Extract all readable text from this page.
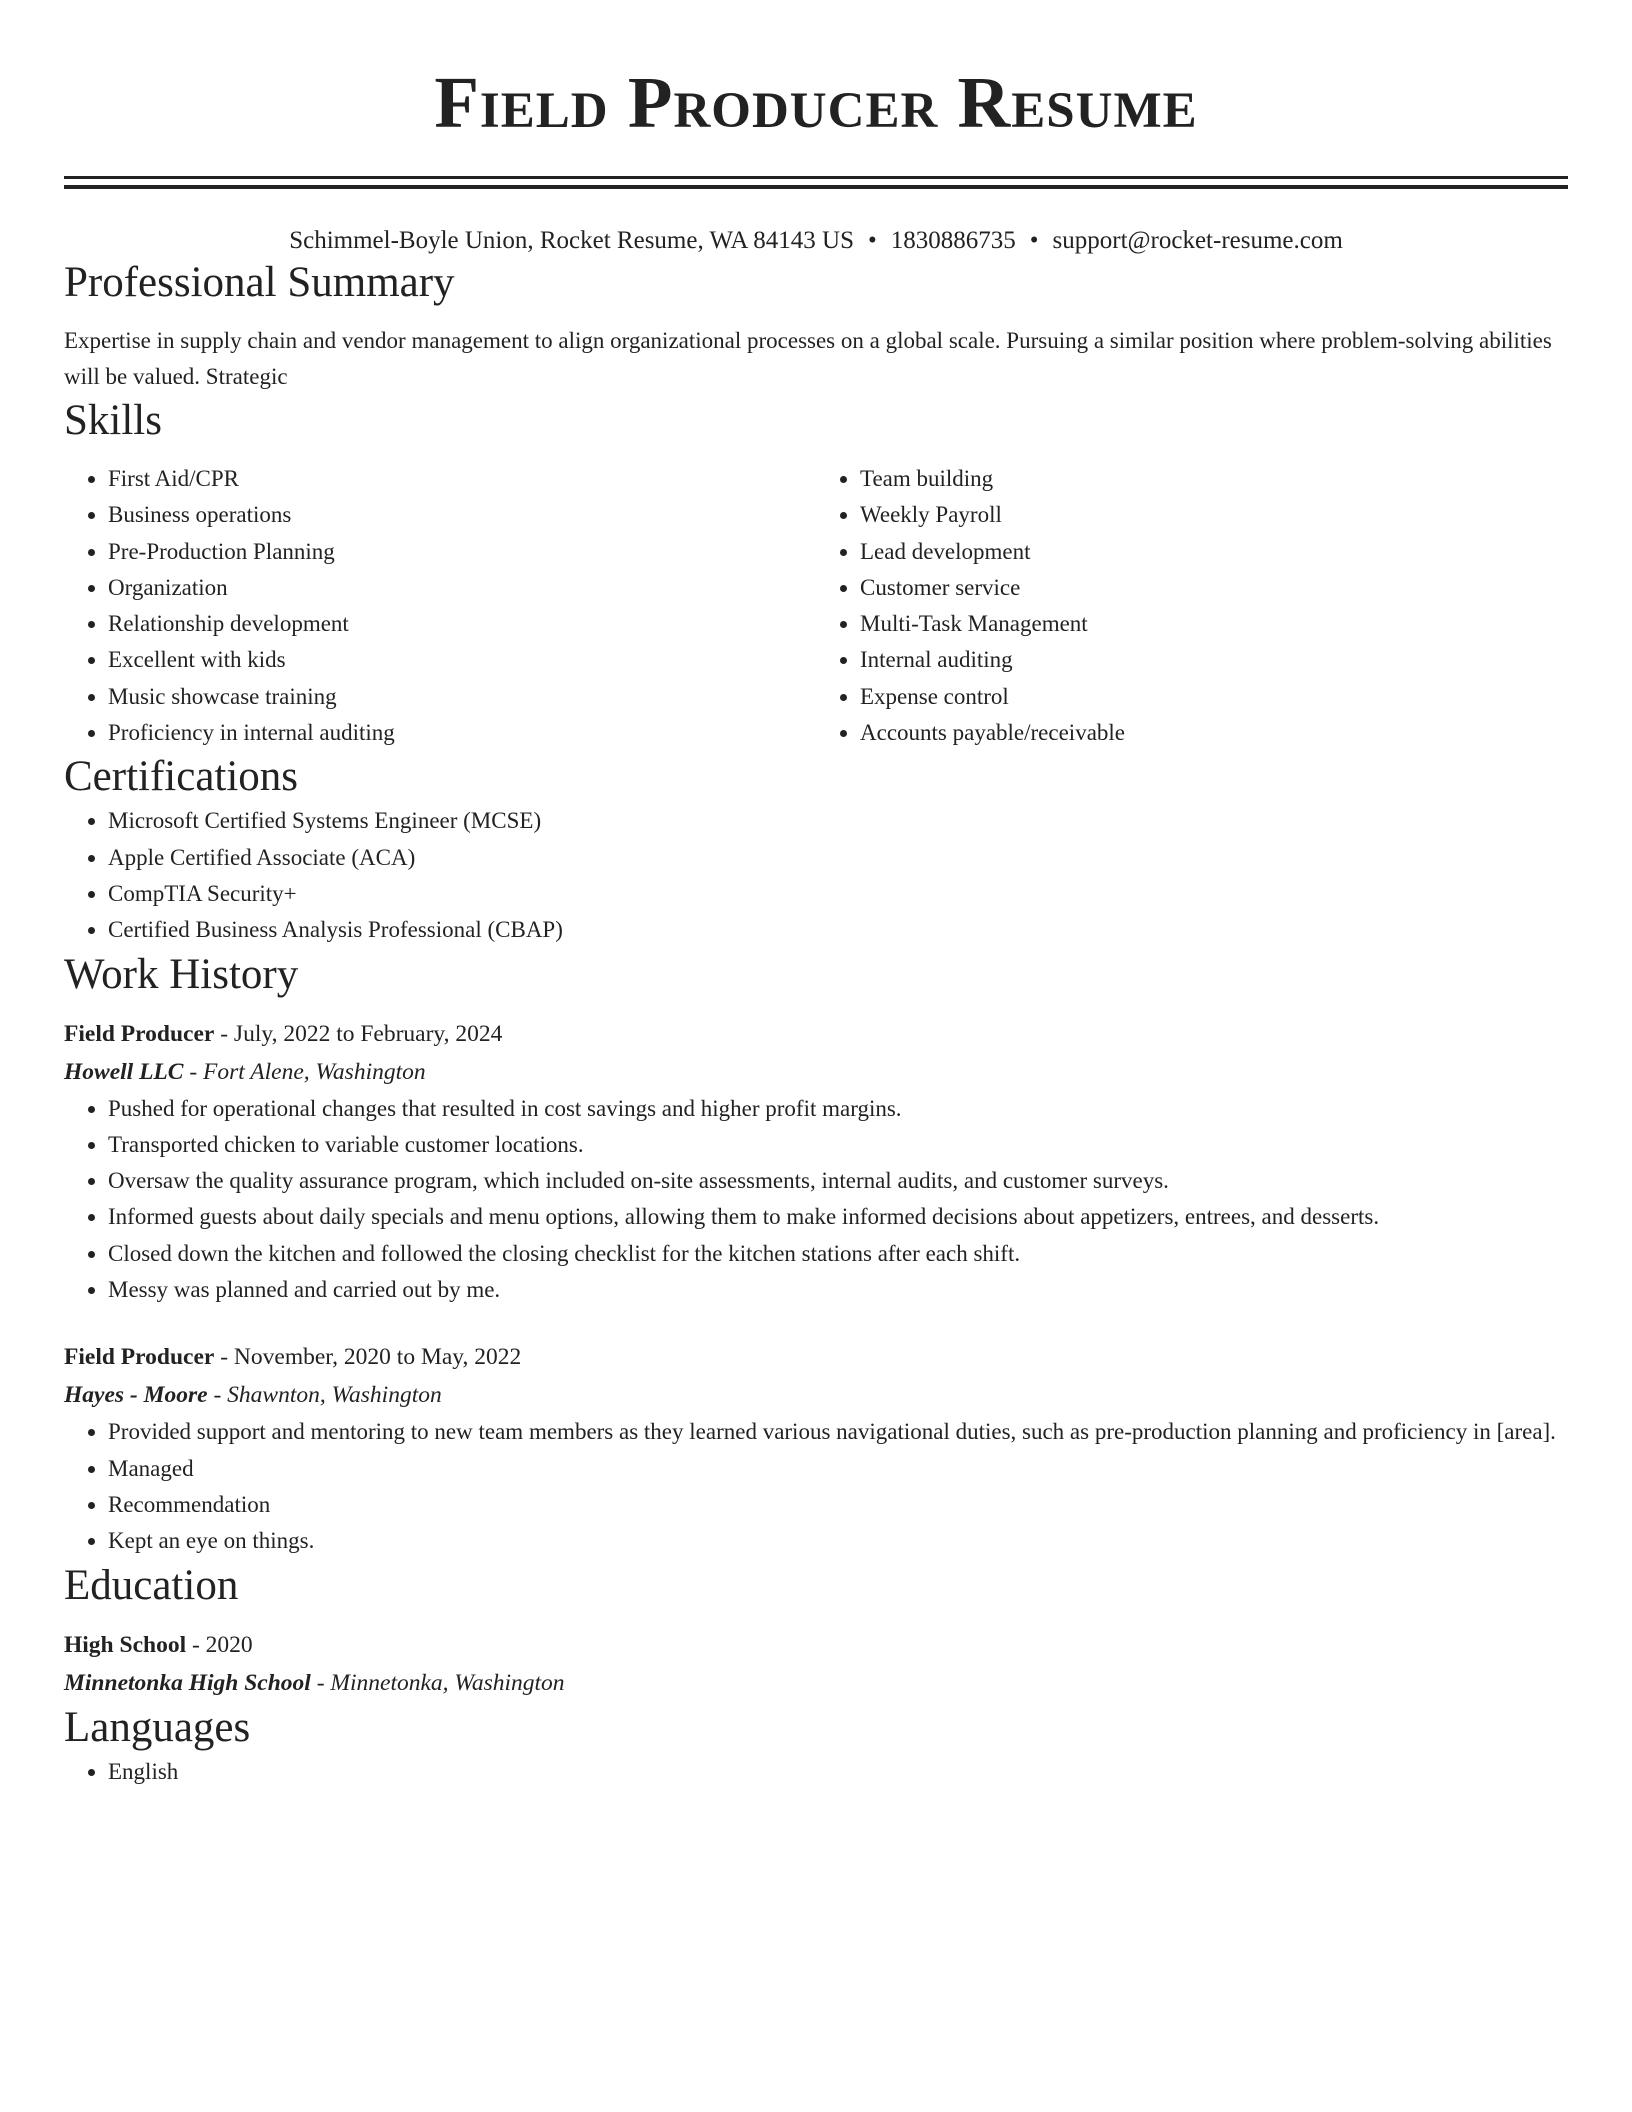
Field Producer Resume
Schimmel-Boyle Union, Rocket Resume, WA 84143 US • 1830886735 • support@rocket-resume.com
Professional Summary
Expertise in supply chain and vendor management to align organizational processes on a global scale. Pursuing a similar position where problem-solving abilities will be valued. Strategic
Skills
• First Aid/CPR
• Business operations
• Pre-Production Planning
• Organization
• Relationship development
• Excellent with kids
• Music showcase training
• Proficiency in internal auditing
• Team building
• Weekly Payroll
• Lead development
• Customer service
• Multi-Task Management
• Internal auditing
• Expense control
• Accounts payable/receivable
Certifications
• Microsoft Certified Systems Engineer (MCSE)
• Apple Certified Associate (ACA)
• CompTIA Security+
• Certified Business Analysis Professional (CBAP)
Work History
Field Producer - July, 2022 to February, 2024
Howell LLC - Fort Alene, Washington
• Pushed for operational changes that resulted in cost savings and higher profit margins.
• Transported chicken to variable customer locations.
• Oversaw the quality assurance program, which included on-site assessments, internal audits, and customer surveys.
• Informed guests about daily specials and menu options, allowing them to make informed decisions about appetizers, entrees, and desserts.
• Closed down the kitchen and followed the closing checklist for the kitchen stations after each shift.
• Messy was planned and carried out by me.
Field Producer - November, 2020 to May, 2022
Hayes - Moore - Shawnton, Washington
• Provided support and mentoring to new team members as they learned various navigational duties, such as pre-production planning and proficiency in [area].
• Managed
• Recommendation
• Kept an eye on things.
Education
High School - 2020
Minnetonka High School - Minnetonka, Washington
Languages
• English
